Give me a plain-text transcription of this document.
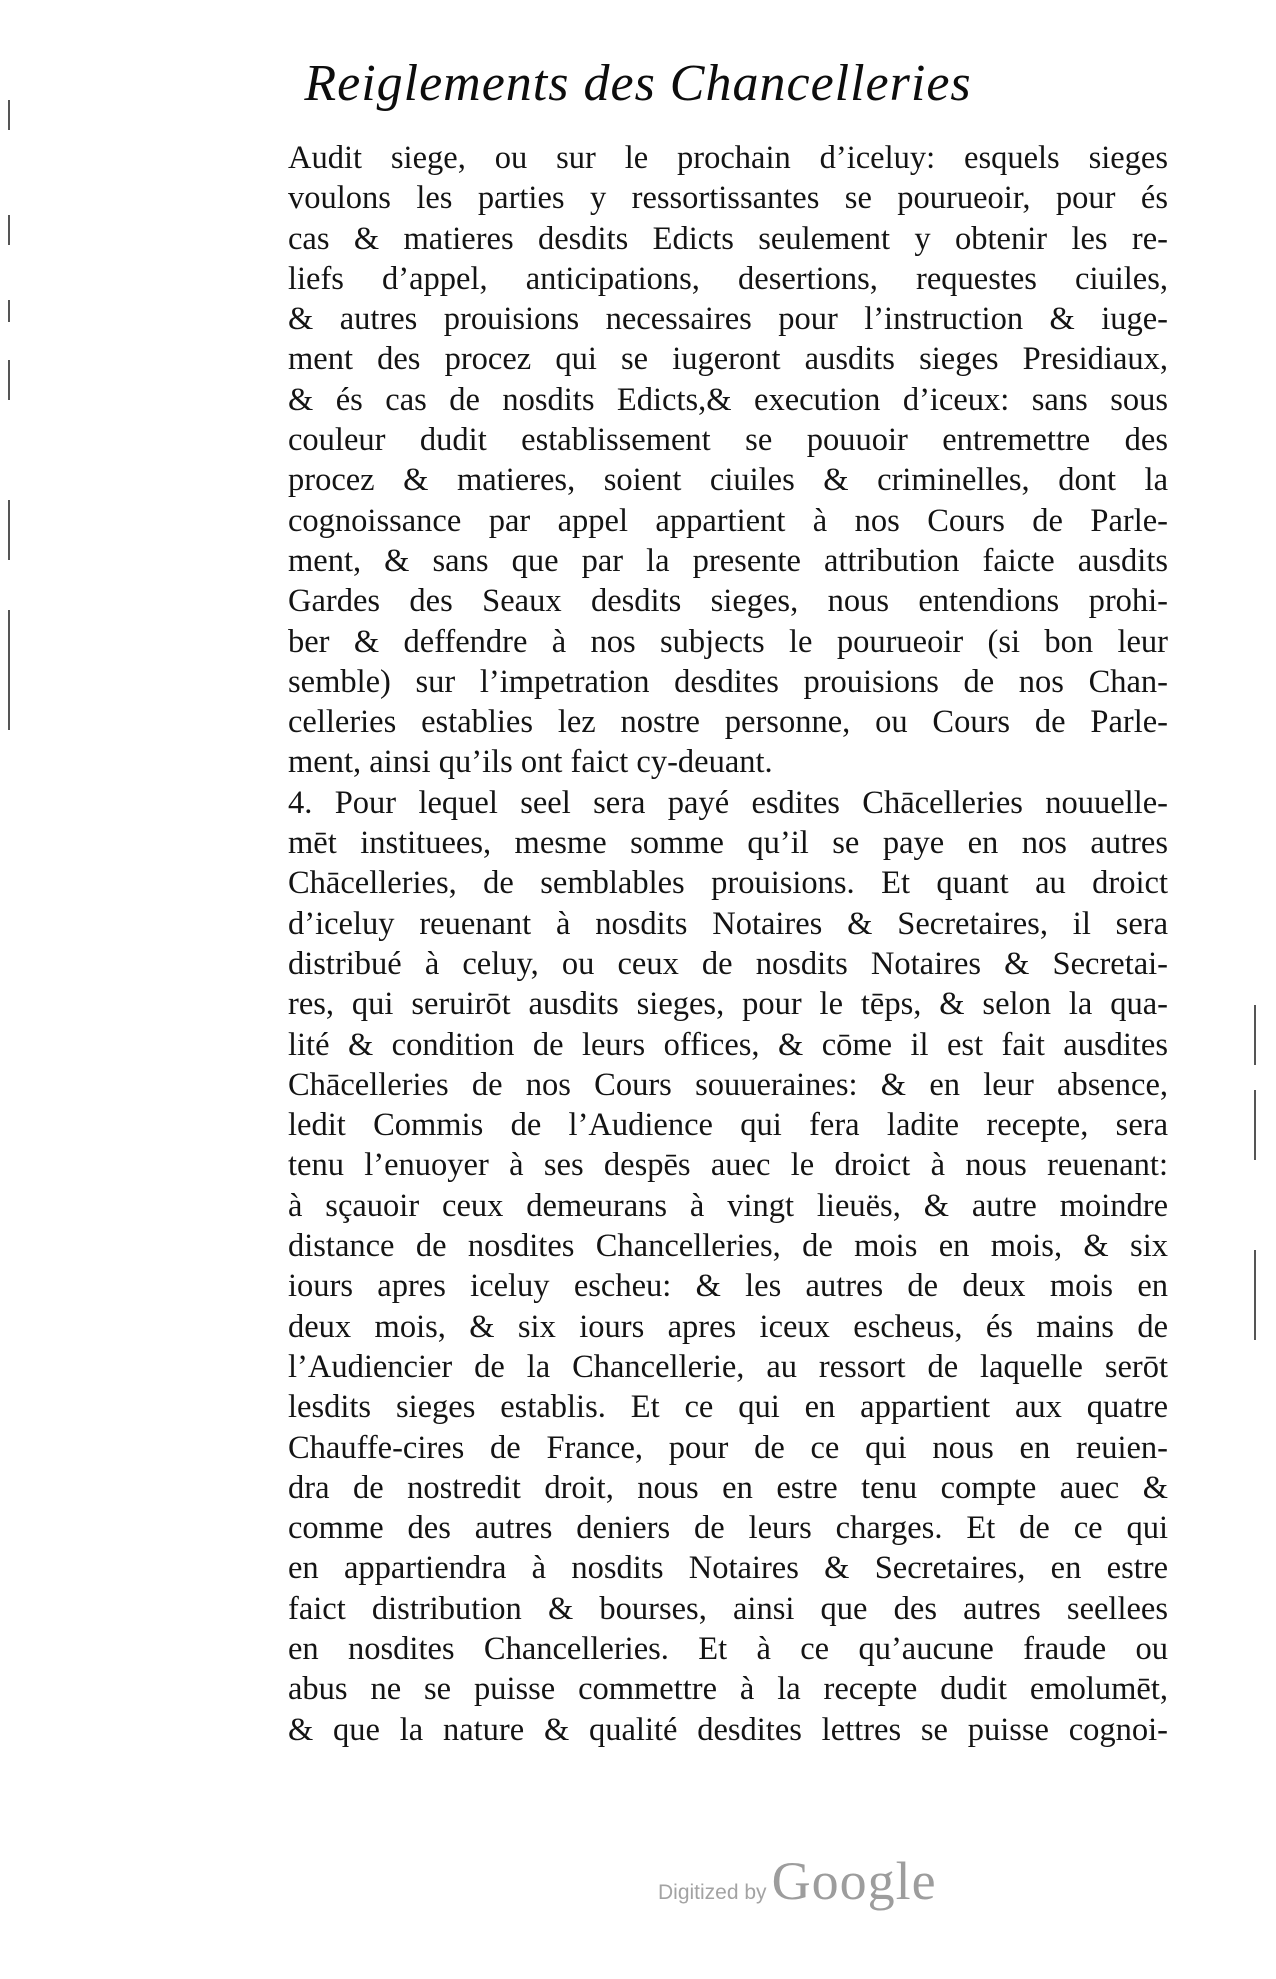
Reiglements des Chancelleries
Audit siege, ou sur le prochain d’iceluy: esquels sieges
voulons les parties y ressortissantes se pourueoir, pour és
cas & matieres desdits Edicts seulement y obtenir les re-
liefs d’appel, anticipations, desertions, requestes ciuiles,
& autres prouisions necessaires pour l’instruction & iuge-
ment des procez qui se iugeront ausdits sieges Presidiaux,
& és cas de nosdits Edicts,& execution d’iceux: sans sous
couleur dudit establissement se pouuoir entremettre des
procez & matieres, soient ciuiles & criminelles, dont la
cognoissance par appel appartient à nos Cours de Parle-
ment, & sans que par la presente attribution faicte ausdits
Gardes des Seaux desdits sieges, nous entendions prohi-
ber & deffendre à nos subjects le pourueoir (si bon leur
semble) sur l’impetration desdites prouisions de nos Chan-
celleries establies lez nostre personne, ou Cours de Parle-
ment, ainsi qu’ils ont faict cy-deuant.
4. Pour lequel seel sera payé esdites Chācelleries nouuelle-
mēt instituees, mesme somme qu’il se paye en nos autres
Chācelleries, de semblables prouisions. Et quant au droict
d’iceluy reuenant à nosdits Notaires & Secretaires, il sera
distribué à celuy, ou ceux de nosdits Notaires & Secretai-
res, qui seruirōt ausdits sieges, pour le tēps, & selon la qua-
lité & condition de leurs offices, & cōme il est fait ausdites
Chācelleries de nos Cours souueraines: & en leur absence,
ledit Commis de l’Audience qui fera ladite recepte, sera
tenu l’enuoyer à ses despēs auec le droict à nous reuenant:
à sçauoir ceux demeurans à vingt lieuës, & autre moindre
distance de nosdites Chancelleries, de mois en mois, & six
iours apres iceluy escheu: & les autres de deux mois en
deux mois, & six iours apres iceux escheus, és mains de
l’Audiencier de la Chancellerie, au ressort de laquelle serōt
lesdits sieges establis. Et ce qui en appartient aux quatre
Chauffe-cires de France, pour de ce qui nous en reuien-
dra de nostredit droit, nous en estre tenu compte auec &
comme des autres deniers de leurs charges. Et de ce qui
en appartiendra à nosdits Notaires & Secretaires, en estre
faict distribution & bourses, ainsi que des autres seellees
en nosdites Chancelleries. Et à ce qu’aucune fraude ou
abus ne se puisse commettre à la recepte dudit emolumēt,
& que la nature & qualité desdites lettres se puisse cognoi-
Digitized by Google
